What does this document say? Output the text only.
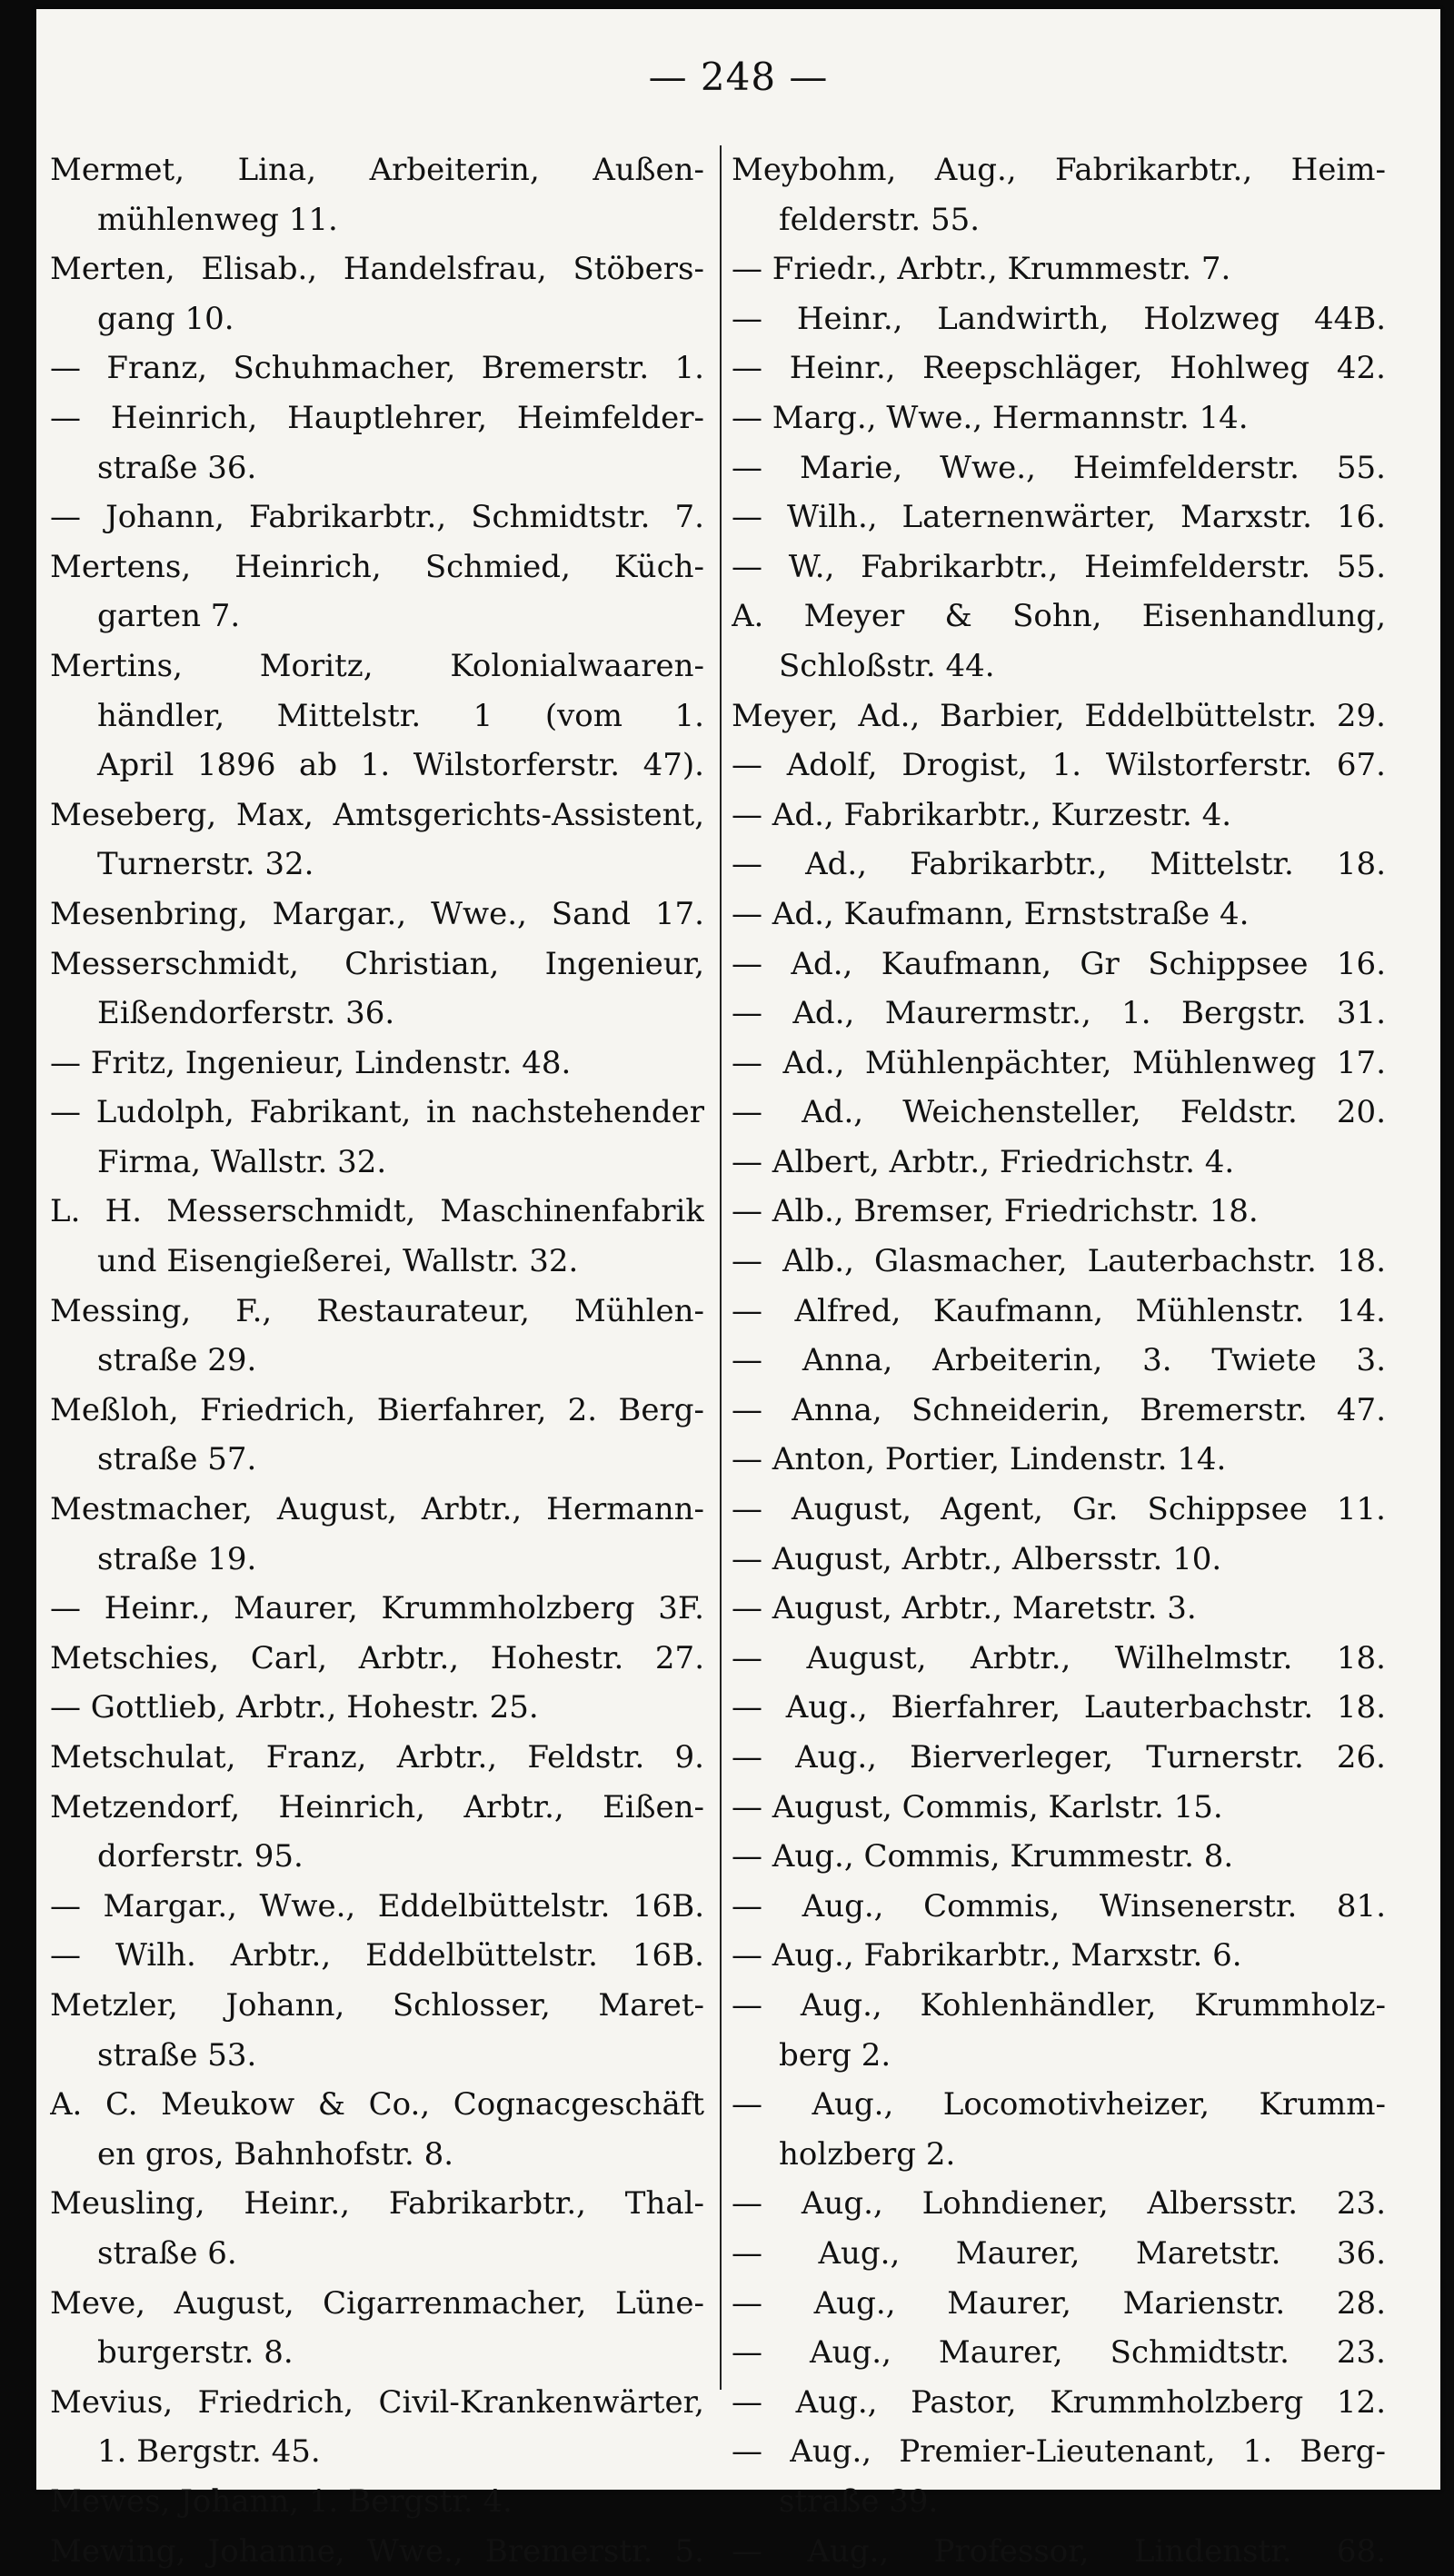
— 248 —
Mermet, Lina, Arbeiterin, Außen-
mühlenweg 11.
Merten, Elisab., Handelsfrau, Stöbers-
gang 10.
— Franz, Schuhmacher, Bremerstr. 1.
— Heinrich, Hauptlehrer, Heimfelder-
straße 36.
— Johann, Fabrikarbtr., Schmidtstr. 7.
Mertens, Heinrich, Schmied, Küch-
garten 7.
Mertins, Moritz, Kolonialwaaren-
händler, Mittelstr. 1 (vom 1.
April 1896 ab 1. Wilstorferstr. 47).
Meseberg, Max, Amtsgerichts-Assistent,
Turnerstr. 32.
Mesenbring, Margar., Wwe., Sand 17.
Messerschmidt, Christian, Ingenieur,
Eißendorferstr. 36.
— Fritz, Ingenieur, Lindenstr. 48.
— Ludolph, Fabrikant, in nachstehender
Firma, Wallstr. 32.
L. H. Messerschmidt, Maschinenfabrik
und Eisengießerei, Wallstr. 32.
Messing, F., Restaurateur, Mühlen-
straße 29.
Meßloh, Friedrich, Bierfahrer, 2. Berg-
straße 57.
Mestmacher, August, Arbtr., Hermann-
straße 19.
— Heinr., Maurer, Krummholzberg 3F.
Metschies, Carl, Arbtr., Hohestr. 27.
— Gottlieb, Arbtr., Hohestr. 25.
Metschulat, Franz, Arbtr., Feldstr. 9.
Metzendorf, Heinrich, Arbtr., Eißen-
dorferstr. 95.
— Margar., Wwe., Eddelbüttelstr. 16B.
— Wilh. Arbtr., Eddelbüttelstr. 16B.
Metzler, Johann, Schlosser, Maret-
straße 53.
A. C. Meukow & Co., Cognacgeschäft
en gros, Bahnhofstr. 8.
Meusling, Heinr., Fabrikarbtr., Thal-
straße 6.
Meve, August, Cigarrenmacher, Lüne-
burgerstr. 8.
Mevius, Friedrich, Civil-Krankenwärter,
1. Bergstr. 45.
Mewes, Johann, 1. Bergstr. 4.
Mewing, Johanne, Wwe., Bremerstr. 5.
Meybohm, Aug., Fabrikarbtr., Heim-
felderstr. 55.
— Friedr., Arbtr., Krummestr. 7.
— Heinr., Landwirth, Holzweg 44B.
— Heinr., Reepschläger, Hohlweg 42.
— Marg., Wwe., Hermannstr. 14.
— Marie, Wwe., Heimfelderstr. 55.
— Wilh., Laternenwärter, Marxstr. 16.
— W., Fabrikarbtr., Heimfelderstr. 55.
A. Meyer & Sohn, Eisenhandlung,
Schloßstr. 44.
Meyer, Ad., Barbier, Eddelbüttelstr. 29.
— Adolf, Drogist, 1. Wilstorferstr. 67.
— Ad., Fabrikarbtr., Kurzestr. 4.
— Ad., Fabrikarbtr., Mittelstr. 18.
— Ad., Kaufmann, Ernststraße 4.
— Ad., Kaufmann, Gr Schippsee 16.
— Ad., Maurermstr., 1. Bergstr. 31.
— Ad., Mühlenpächter, Mühlenweg 17.
— Ad., Weichensteller, Feldstr. 20.
— Albert, Arbtr., Friedrichstr. 4.
— Alb., Bremser, Friedrichstr. 18.
— Alb., Glasmacher, Lauterbachstr. 18.
— Alfred, Kaufmann, Mühlenstr. 14.
— Anna, Arbeiterin, 3. Twiete 3.
— Anna, Schneiderin, Bremerstr. 47.
— Anton, Portier, Lindenstr. 14.
— August, Agent, Gr. Schippsee 11.
— August, Arbtr., Albersstr. 10.
— August, Arbtr., Maretstr. 3.
— August, Arbtr., Wilhelmstr. 18.
— Aug., Bierfahrer, Lauterbachstr. 18.
— Aug., Bierverleger, Turnerstr. 26.
— August, Commis, Karlstr. 15.
— Aug., Commis, Krummestr. 8.
— Aug., Commis, Winsenerstr. 81.
— Aug., Fabrikarbtr., Marxstr. 6.
— Aug., Kohlenhändler, Krummholz-
berg 2.
— Aug., Locomotivheizer, Krumm-
holzberg 2.
— Aug., Lohndiener, Albersstr. 23.
— Aug., Maurer, Maretstr. 36.
— Aug., Maurer, Marienstr. 28.
— Aug., Maurer, Schmidtstr. 23.
— Aug., Pastor, Krummholzberg 12.
— Aug., Premier-Lieutenant, 1. Berg-
straße 39.
— Aug., Professor, Lindenstr. 68.
